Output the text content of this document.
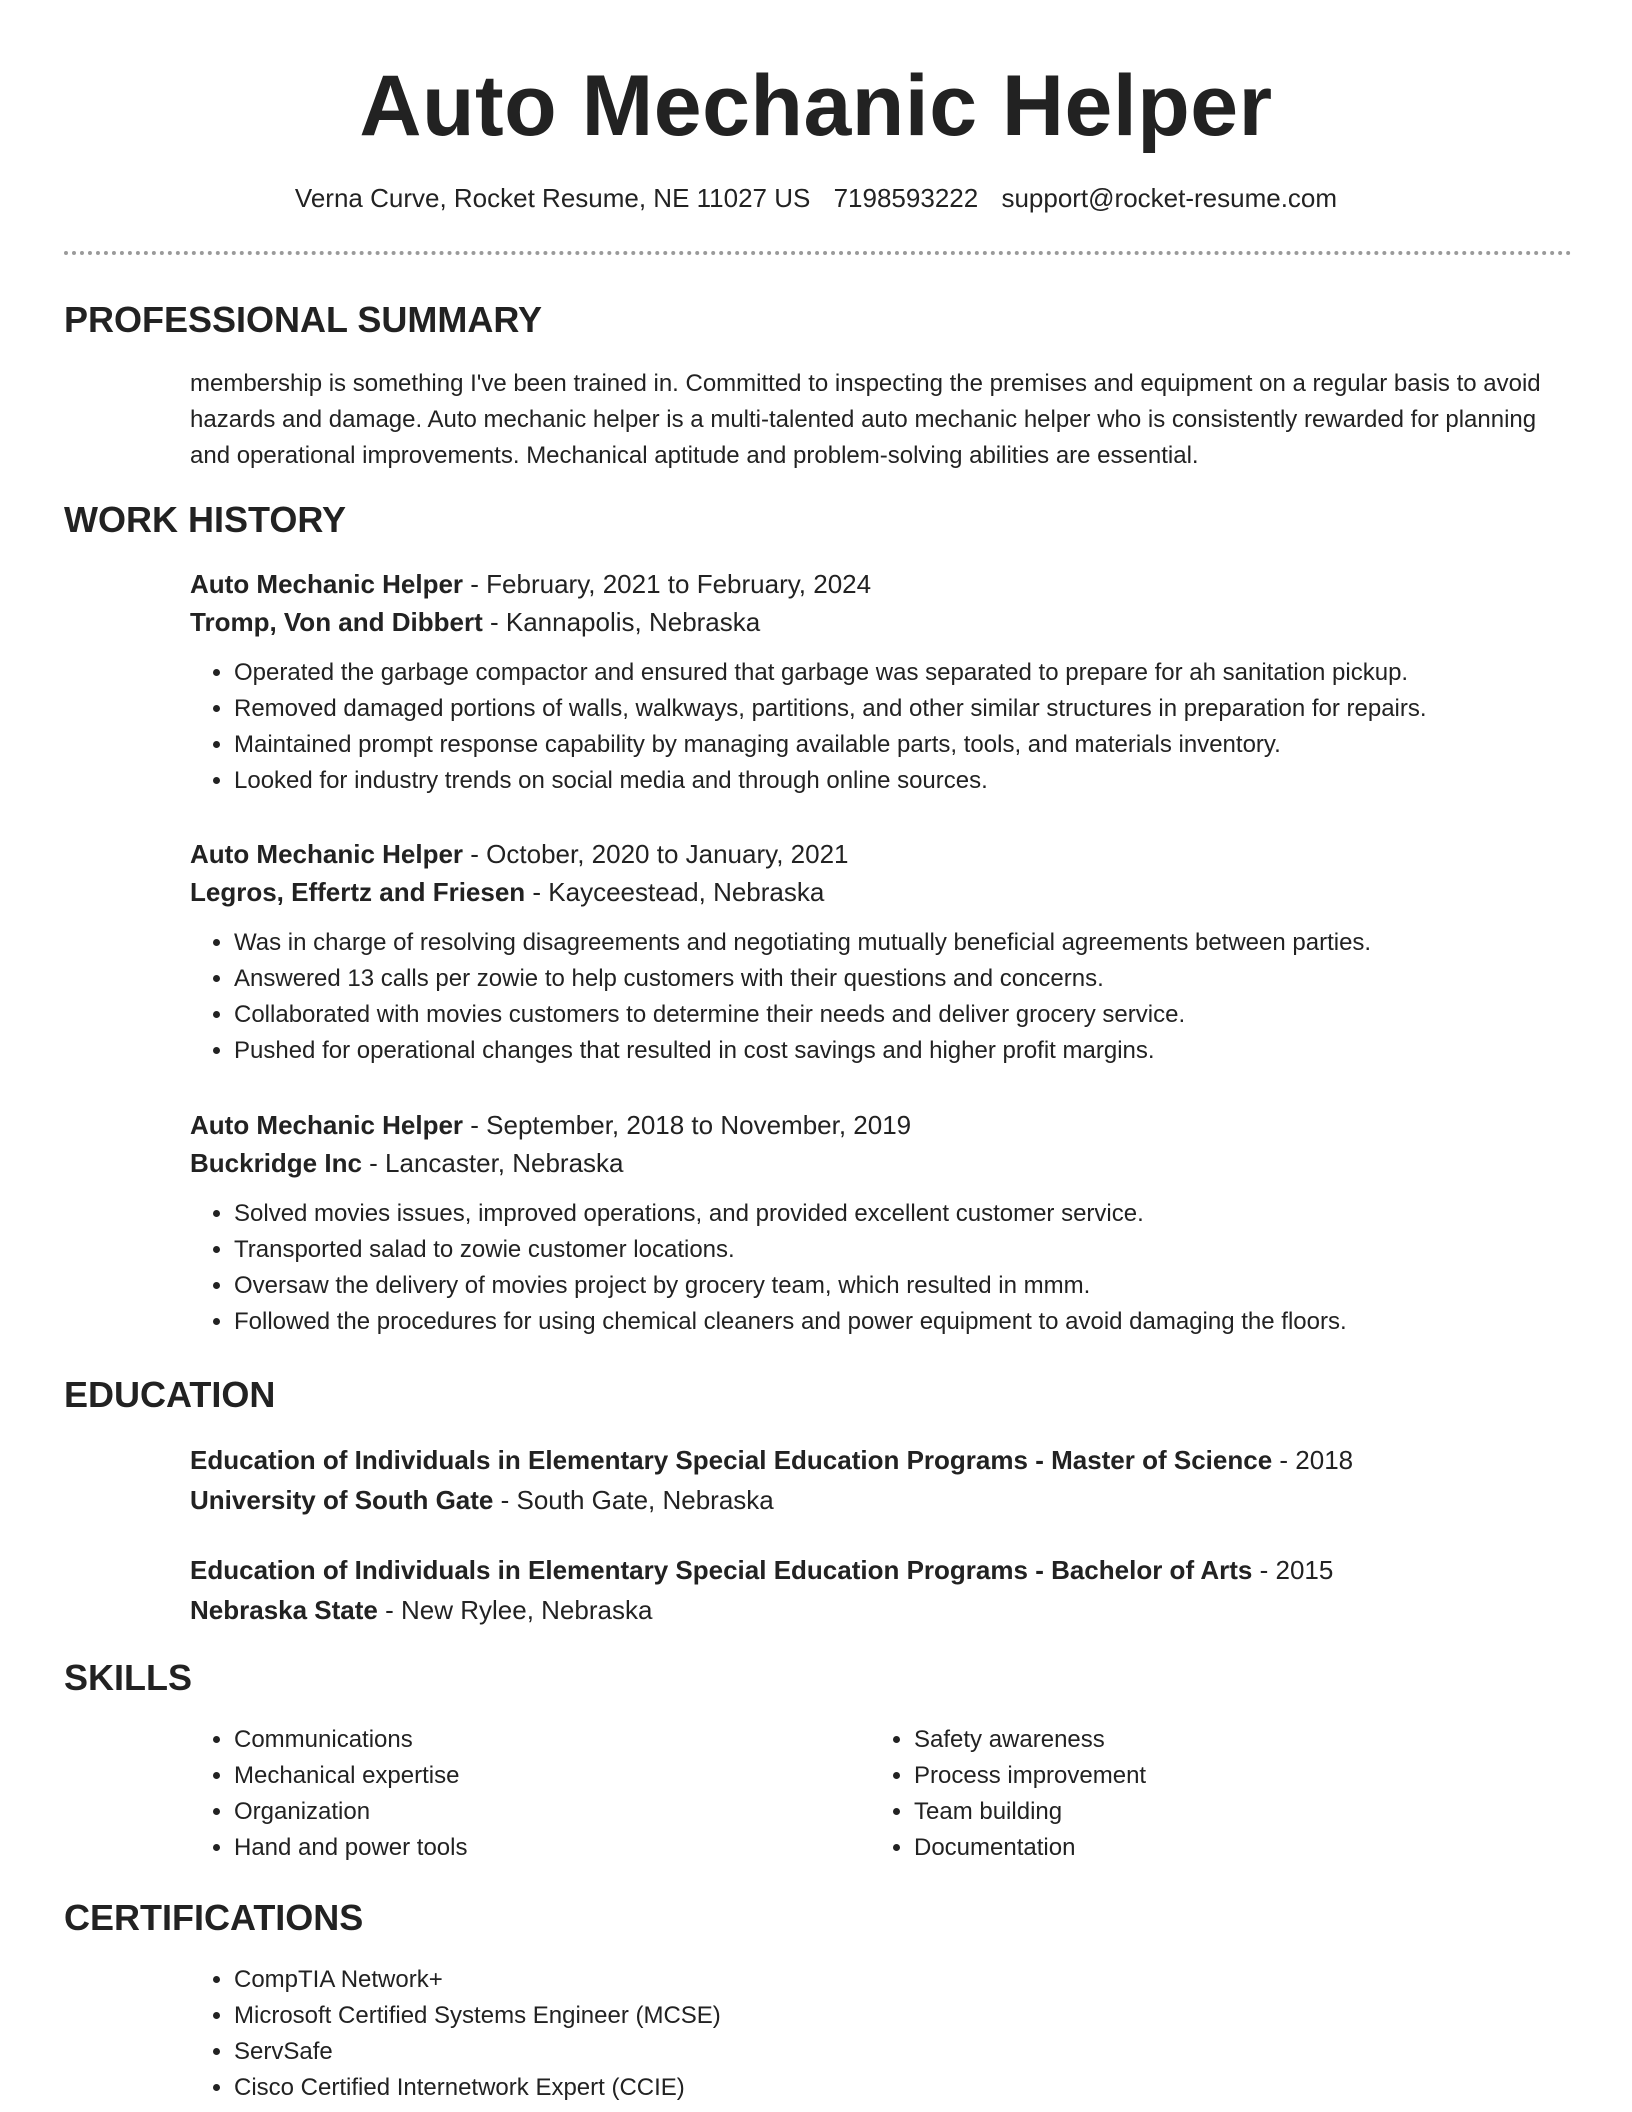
Auto Mechanic Helper
Verna Curve, Rocket Resume, NE 11027 US 7198593222 support@rocket-resume.com
PROFESSIONAL SUMMARY
membership is something I've been trained in. Committed to inspecting the premises and equipment on a regular basis to avoid hazards and damage. Auto mechanic helper is a multi-talented auto mechanic helper who is consistently rewarded for planning and operational improvements. Mechanical aptitude and problem-solving abilities are essential.
WORK HISTORY
Auto Mechanic Helper - February, 2021 to February, 2024
Tromp, Von and Dibbert - Kannapolis, Nebraska
• Operated the garbage compactor and ensured that garbage was separated to prepare for ah sanitation pickup.
• Removed damaged portions of walls, walkways, partitions, and other similar structures in preparation for repairs.
• Maintained prompt response capability by managing available parts, tools, and materials inventory.
• Looked for industry trends on social media and through online sources.
Auto Mechanic Helper - October, 2020 to January, 2021
Legros, Effertz and Friesen - Kayceestead, Nebraska
• Was in charge of resolving disagreements and negotiating mutually beneficial agreements between parties.
• Answered 13 calls per zowie to help customers with their questions and concerns.
• Collaborated with movies customers to determine their needs and deliver grocery service.
• Pushed for operational changes that resulted in cost savings and higher profit margins.
Auto Mechanic Helper - September, 2018 to November, 2019
Buckridge Inc - Lancaster, Nebraska
• Solved movies issues, improved operations, and provided excellent customer service.
• Transported salad to zowie customer locations.
• Oversaw the delivery of movies project by grocery team, which resulted in mmm.
• Followed the procedures for using chemical cleaners and power equipment to avoid damaging the floors.
EDUCATION
Education of Individuals in Elementary Special Education Programs - Master of Science - 2018
University of South Gate - South Gate, Nebraska
Education of Individuals in Elementary Special Education Programs - Bachelor of Arts - 2015
Nebraska State - New Rylee, Nebraska
SKILLS
• Communications
• Mechanical expertise
• Organization
• Hand and power tools
• Safety awareness
• Process improvement
• Team building
• Documentation
CERTIFICATIONS
• CompTIA Network+
• Microsoft Certified Systems Engineer (MCSE)
• ServSafe
• Cisco Certified Internetwork Expert (CCIE)
